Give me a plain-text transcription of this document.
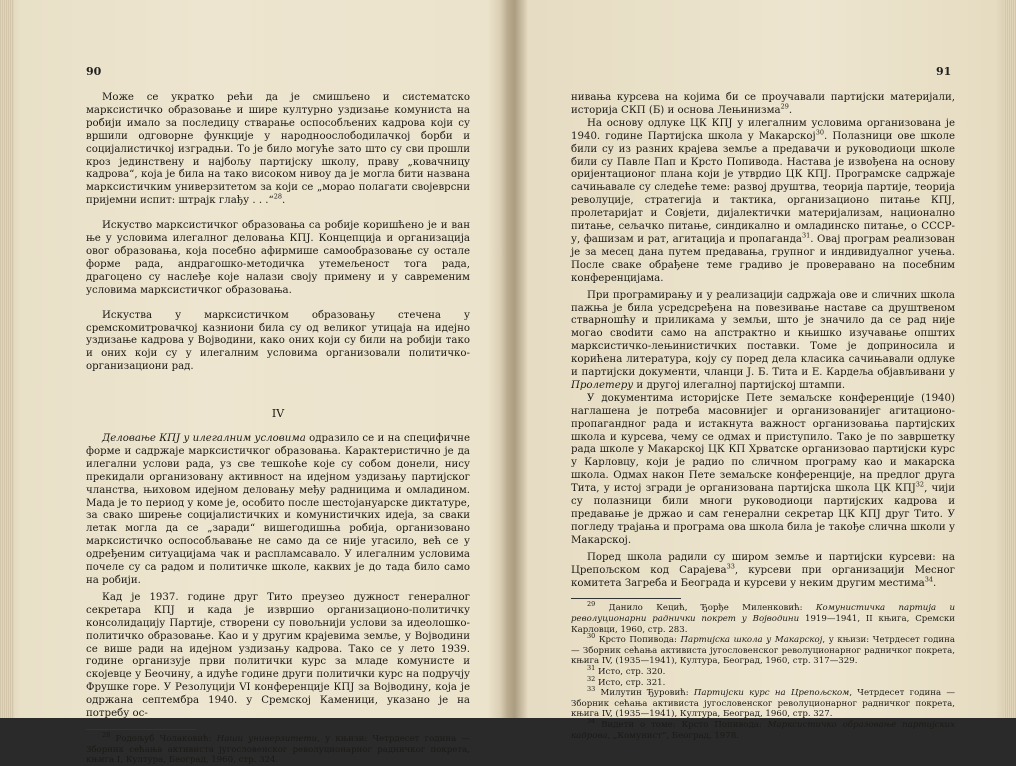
90	91

Може се укратко рећи да је смишљено и систематско марксистичко образовање и шире културно уздизање комуниста на робији имало за последицу стварање оспособљених кадрова који су вршили одговорне функције у народноослободилачкој борби и социјалистичкој изградњи. То је било могуће зато што су сви прошли кроз јединствену и најбољу партијску школу, праву „ковачницу кадрова“, која је била на тако високом нивоу да је могла бити названа марксистичким универзитетом за који се „морао полагати својеврсни пријемни испит: штрајк глађу . . .“$^{28}$.

Искуство марксистичког образовања са робије коришћено је и ван ње у условима илегалног деловања КПЈ. Концепција и организација овог образовања, која посебно афирмише самообразовање су остале форме рада, андрагошко-методичка утемељеност тога рада, драгоцено су наслеђе које налази своју примену и у савременим условима марксистичког образовања.

Искуства у марксистичком образовању стечена у сремскомитровачкој казниони била су од великог утицаја на идејно уздизање кадрова у Војводини, како оних који су били на робији тако и оних који су у илегалним условима организовали политичко-организациони рад.

IV

Деловање КПЈ у илегалним условима одразило се и на специфичне форме и садржаје марксистичког образовања. Карактеристично је да илегални услови рада, уз све тешкоће које су собом донели, нису прекидали организовану активност на идејном уздизању партијског чланства, њиховом идејном деловању међу радницима и омладином. Мада је то период у коме је, особито после шестојануарске диктатуре, за свако ширење социјалистичких и комунистичких идеја, за сваки летак могла да се „заради“ вишегодишња робија, организовано марксистичко оспособљавање не само да се није угасило, већ се у одређеним ситуацијама чак и распламсавало. У илегалним условима почеле су са радом и политичке школе, каквих је до тада било само на робији.

Кад је 1937. године друг Тито преузео дужност генералног секретара КПЈ и када је извршио организационо-политичку консолидацију Партије, створени су повољнији услови за идеолошко-политичко образовање. Као и у другим крајевима земље, у Војводини се више ради на идејном уздизању кадрова. Тако се у лето 1939. године организује први политички курс за младе комунисте и скојевце у Беочину, а идуће године други политички курс на подручју Фрушке горе. У Резолуцији VI конференције КПЈ за Војводину, која је одржана септембра 1940. у Сремској Каменици, указано је на потребу ос-

$^{28}$ Родољуб Чолаковић: Наши универзитети, у књизи: Четрдесет година — Зборник сећања активиста југословенског револуционарног радничког покрета, књига I, Култура, Београд, 1960, стр. 324.

нивања курсева на којима би се проучавали партијски материјали, историја СКП (Б) и основа Лењинизма$^{29}$.

На основу одлуке ЦК КПЈ у илегалним условима организована је 1940. године Партијска школа у Макарској$^{30}$. Полазници ове школе били су из разних крајева земље а предавачи и руководиоци школе били су Павле Пап и Крсто Попивода. Настава је извођена на основу оријентационог плана који је утврдио ЦК КПЈ. Програмске садржаје сачињавале су следеће теме: развој друштва, теорија партије, теорија револуције, стратегија и тактика, организационо питање КПЈ, пролетаријат и Совјети, дијалектички материјализам, национално питање, сељачко питање, синдикално и омладинско питање, о СССР-у, фашизам и рат, агитација и пропаганда$^{31}$. Овај програм реализован је за месец дана путем предавања, групног и индивидуалног учења. После сваке обрађене теме градиво је проверавано на посебним конференцијама.

При програмирању и у реализацији садржаја ове и сличних школа пажња је била усредсређена на повезивање наставе са друштвеном стварношћу и приликама у земљи, што је значило да се рад није могао свodити само на апстрактно и књишко изучавање општих марксистичко-лењинистичких поставки. Томе је доприносила и корићена литература, коју су поред дела класика сачињавали одлуке и партијски документи, чланци Ј. Б. Тита и Е. Кардеља објављивани у Пролетеру и другој илегалној партијској штампи.

У документима историјске Пете земаљске конференције (1940) наглашена је потреба масовнијег и организованијег агитационо-пропагандног рада и истакнута важност организовања партијских школа и курсева, чему се одмах и приступило. Тако је по завршетку рада школе у Макарској ЦК КП Хрватске организовао партијски курс у Карловцу, који је радио по сличном програму као и макарска школа. Одмах након Пете земаљске конференције, на предлог друга Тита, у истој згради је организована партијска школа ЦК КПЈ$^{32}$, чији су полазници били многи руководиоци партијских кадрова и предавање је држао и сам генерални секретар ЦК КПЈ друг Тито. У погледу трајања и програма ова школа била је такође слична школи у Макарској.

Поред школа радили су широм земље и партијски курсеви: на Црепољском код Сарајева$^{33}$, курсеви при организацији Месног комитета Загреба и Београда и курсеви у неким другим местима$^{34}$.

$^{29}$ Данило Кецић, Ђорђе Миленковић: Комунистичка партија и револуционарни раднички покрет у Војводини 1919—1941, II књига, Сремски Карловци, 1960, стр. 283.

$^{30}$ Крсто Попивода: Партијска школа у Макарској, у књизи: Четрдесет година — Зборник сећања активиста југословенског револуционарног радничког покрета, књига IV, (1935—1941), Култура, Београд, 1960, стр. 317—329.

$^{31}$ Исто, стр. 320.

$^{32}$ Исто, стр. 321.

$^{33}$ Милутин Ђуровић: Партијски курс на Црепољском, Четрдесет година — Зборник сећања активиста југословенског револуционарног радничког покрета, књига IV, (1935—1941), Култура, Београд, 1960, стр. 327.

$^{34}$ Видети о томе: Крсто Попивода: Марксистичко образовање партијских кадрова, „Комунист“, Београд, 1978.
